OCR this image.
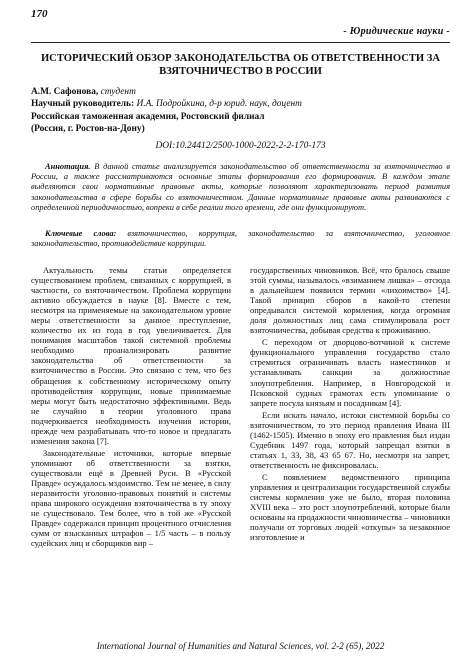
170
- Юридические науки -
ИСТОРИЧЕСКИЙ ОБЗОР ЗАКОНОДАТЕЛЬСТВА ОБ ОТВЕТСТВЕННОСТИ ЗА ВЗЯТОЧНИЧЕСТВО В РОССИИ
А.М. Сафонова, студент
Научный руководитель: И.А. Подройкина, д-р юрид. наук, доцент
Российская таможенная академия, Ростовский филиал
(Россия, г. Ростов-на-Дону)
DOI:10.24412/2500-1000-2022-2-2-170-173
Аннотация. В данной статье анализируется законодательство об ответственности за взяточничество в России, а также рассматриваются основные этапы формирования его формирования. В каждом этапе выделяются свои нормативные правовые акты, которые позволяют характеризовать период развития законодательства в сфере борьбы со взяточничеством. Данные нормативные правовые акты развиваются с определенной периодичностью, вопреки в себе реалии того времени, где они функционируют.
Ключевые слова: взяточничество, коррупция, законодательство за взяточничество, уголовное законодательство, противодействие коррупции.

Актуальность темы статьи определяется существованием проблем, связанных с коррупцией, в частности, со взяточничеством. Проблема коррупции активно обсуждается в науке [8]. Вместе с тем, несмотря на применяемые на законодательном уровне меры ответственности за данное преступление, количество их из года в год увеличивается. Для понимания масштабов такой системной проблемы необходимо проанализировать развитие законодательства об ответственности за взяточничество в России. Это связано с тем, что без обращения к собственному историческому опыту противодействия коррупции, новые принимаемые меры могут быть недостаточно эффективными. Ведь не случайно в теории уголовного права подчеркивается необходимость изучения истории, прежде чем разрабатывать что-то новое и предлагать изменения закона [7].

Законодательные источники, которые впервые упоминают об ответственности за взятки, существовали ещё в Древней Руси. В «Русской Правде» осуждалось мздоимство. Тем не менее, в силу неразвитости уголовно-правовых понятий и системы права широкого осуждения взяточничества в ту эпоху не существовало. Тем более, что в той же «Русской Правде» содержался принцип процентного отчисления сумм от взысканных штрафов – 1/5 часть – в пользу судейских лиц и сборщиков вир –

государственных чиновников. Всё, что бралось свыше этой суммы, называлось «взиманием лишка» – отсюда в дальнейшем появился термин «лихоимство» [4]. Такой принцип сборов в какой-то степени опредывался системой кормления, когда огромная доля должностных лиц сама стимулировала рост взяточничества, добывая средства к проживанию.

С переходом от дворцово-вотчиной к системе функционального управления государство стало стремиться ограничивать власть наместников и устанавливать санкции за должностные злоупотребления. Например, в Новгородской и Псковской судных грамотах есть упоминание о запрете посула князьям и посадникам [4].

Если искать начало, истоки системной борьбы со взяточничеством, то это период правления Ивана III (1462-1505). Именно в эпоху его правления был издан Судебник 1497 года, который запрещал взятки в статьях 1, 33, 38, 43 65 67. Но, несмотря на запрет, ответственность не фиксировалась.

С появлением ведомственного принципа управления и централизации государственной службы системы кормления уже не было, вторая половина XVIII века – это рост злоупотреблений, которые были основаны на продажности чиновничества – чиновники получали от торговых людей «откупы» за незаконное изготовление и

International Journal of Humanities and Natural Sciences, vol. 2-2 (65), 2022
